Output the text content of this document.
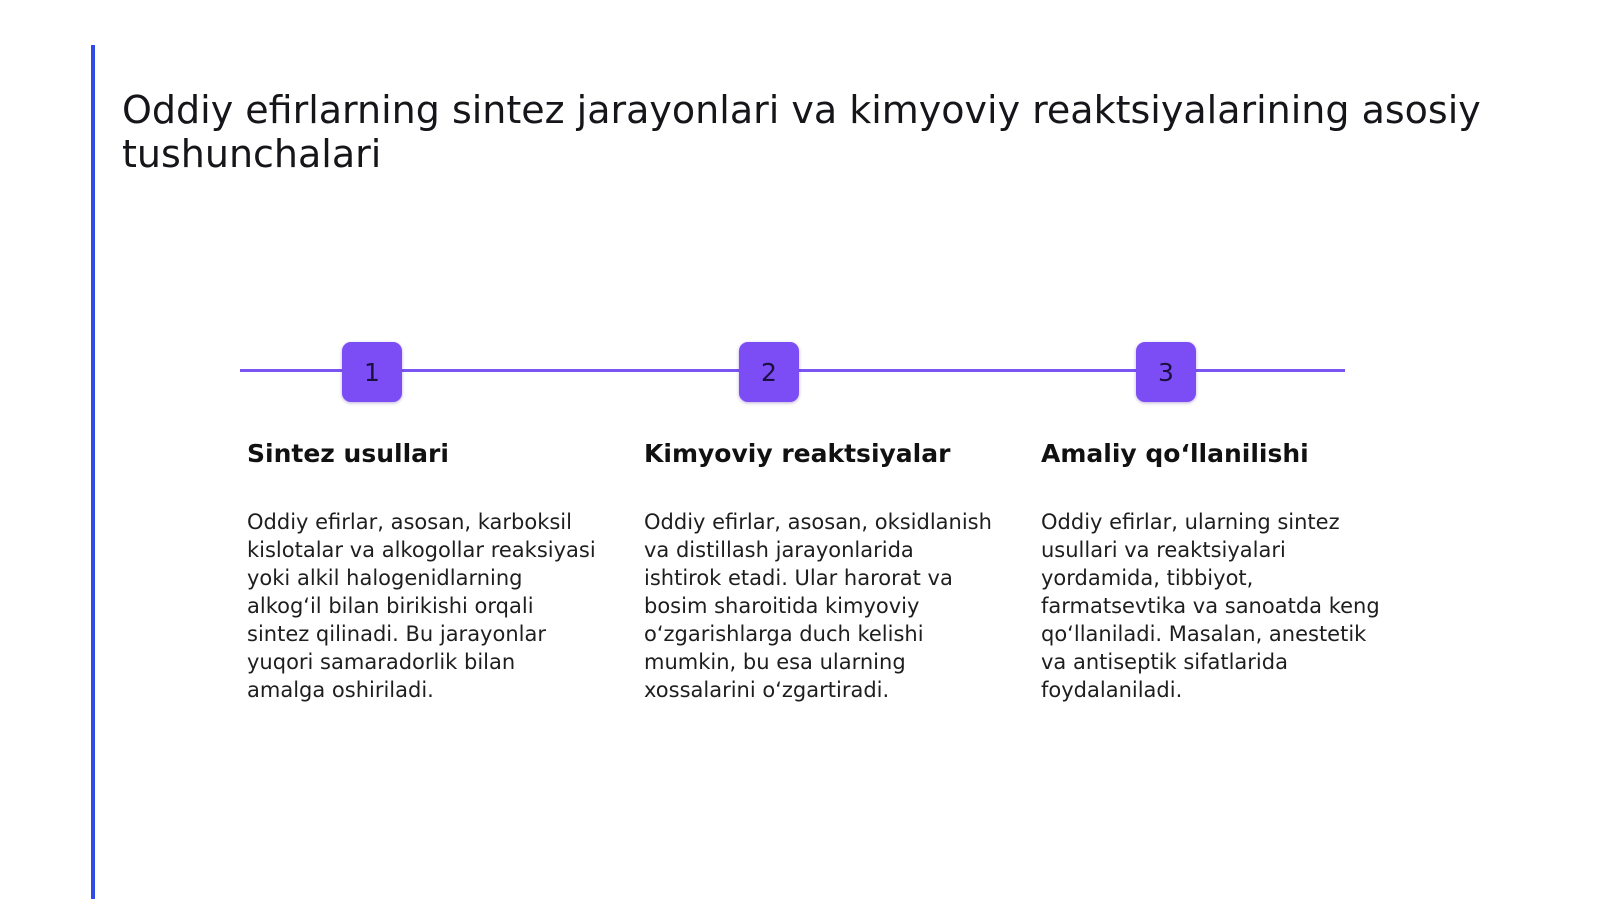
Oddiy efirlarning sintez jarayonlari va kimyoviy reaktsiyalarining asosiy tushunchalari
1	2	3
Sintez usullari

Oddiy efirlar, asosan, karboksil kislotalar va alkogollar reaksiyasi yoki alkil halogenidlarning alkog‘il bilan birikishi orqali sintez qilinadi. Bu jarayonlar yuqori samaradorlik bilan amalga oshiriladi.

Kimyoviy reaktsiyalar

Oddiy efirlar, asosan, oksidlanish va distillash jarayonlarida ishtirok etadi. Ular harorat va bosim sharoitida kimyoviy o‘zgarishlarga duch kelishi mumkin, bu esa ularning xossalarini o‘zgartiradi.

Amaliy qo‘llanilishi

Oddiy efirlar, ularning sintez usullari va reaktsiyalari yordamida, tibbiyot, farmatsevtika va sanoatda keng qo‘llaniladi. Masalan, anestetik va antiseptik sifatlarida foydalaniladi.
